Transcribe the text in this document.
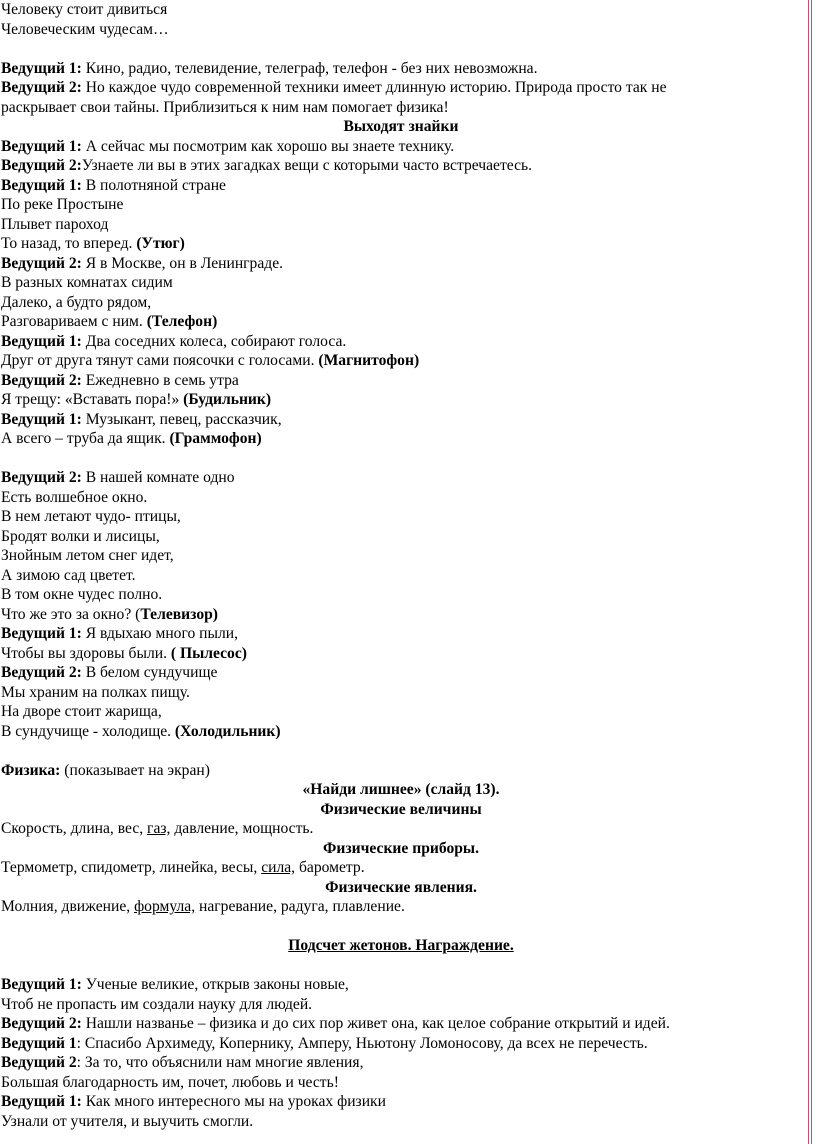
Человеку стоит дивиться
Человеческим чудесам…
Ведущий 1: Кино, радио, телевидение, телеграф, телефон - без них невозможна.
Ведущий 2: Но каждое чудо современной техники имеет длинную историю. Природа просто так не
раскрывает свои тайны. Приблизиться к ним нам помогает физика!
Выходят знайки
Ведущий 1: А сейчас мы посмотрим как хорошо вы знаете технику.
Ведущий 2:Узнаете ли вы в этих загадках вещи с которыми часто встречаетесь.
Ведущий 1: В полотняной стране
По реке Простыне
Плывет пароход
То назад, то вперед. (Утюг)
Ведущий 2: Я в Москве, он в Ленинграде.
В разных комнатах сидим
Далеко, а будто рядом,
Разговариваем с ним. (Телефон)
Ведущий 1: Два соседних колеса, собирают голоса.
Друг от друга тянут сами поясочки с голосами. (Магнитофон)
Ведущий 2: Ежедневно в семь утра
Я трещу: «Вставать пора!» (Будильник)
Ведущий 1: Музыкант, певец, рассказчик,
А всего – труба да ящик. (Граммофон)
Ведущий 2: В нашей комнате одно
Есть волшебное окно.
В нем летают чудо- птицы,
Бродят волки и лисицы,
Знойным летом снег идет,
А зимою сад цветет.
В том окне чудес полно.
Что же это за окно? (Телевизор)
Ведущий 1: Я вдыхаю много пыли,
Чтобы вы здоровы были. ( Пылесос)
Ведущий 2: В белом сундучище
Мы храним на полках пищу.
На дворе стоит жарища,
В сундучище - холодище. (Холодильник)
Физика: (показывает на экран)
«Найди лишнее» (слайд 13).
Физические величины
Скорость, длина, вес, газ, давление, мощность.
Физические приборы.
Термометр, спидометр, линейка, весы, сила, барометр.
Физические явления.
Молния, движение, формула, нагревание, радуга, плавление.
Подсчет жетонов. Награждение.
Ведущий 1: Ученые великие, открыв законы новые,
Чтоб не пропасть им создали науку для людей.
Ведущий 2: Нашли названье – физика и до сих пор живет она, как целое собрание открытий и идей.
Ведущий 1: Спасибо Архимеду, Копернику, Амперу, Ньютону Ломоносову, да всех не перечесть.
Ведущий 2: За то, что объяснили нам многие явления,
Большая благодарность им, почет, любовь и честь!
Ведущий 1: Как много интересного мы на уроках физики
Узнали от учителя, и выучить смогли.
